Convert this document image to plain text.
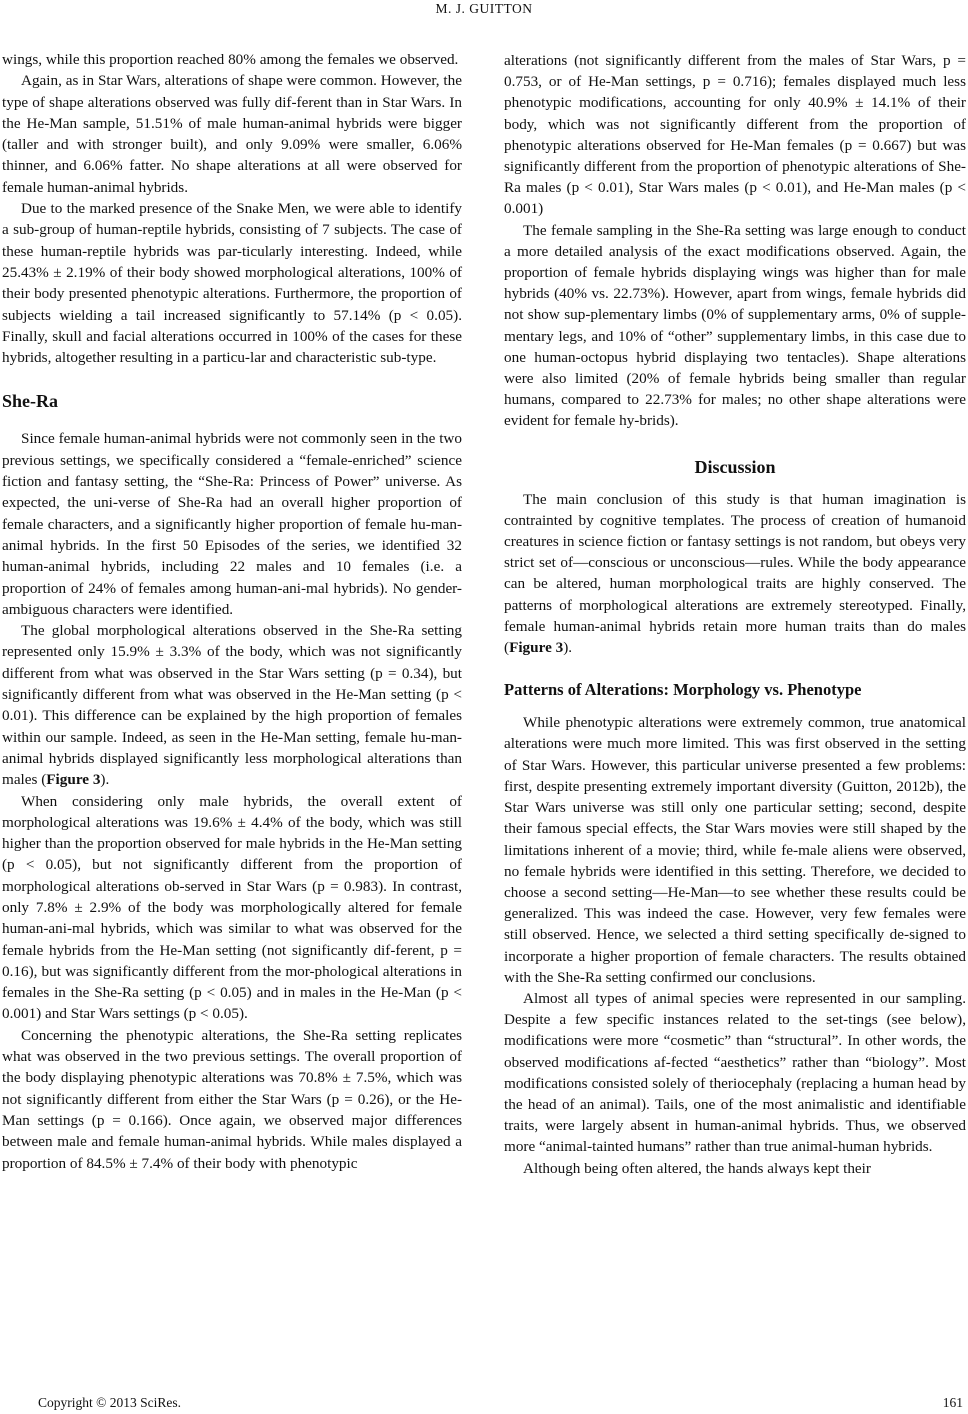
M. J. GUITTON

wings, while this proportion reached 80% among the females we observed.

Again, as in Star Wars, alterations of shape were common. However, the type of shape alterations observed was fully dif-ferent than in Star Wars. In the He-Man sample, 51.51% of male human-animal hybrids were bigger (taller and with stronger built), and only 9.09% were smaller, 6.06% thinner, and 6.06% fatter. No shape alterations at all were observed for female human-animal hybrids.

Due to the marked presence of the Snake Men, we were able to identify a sub-group of human-reptile hybrids, consisting of 7 subjects. The case of these human-reptile hybrids was par-ticularly interesting. Indeed, while 25.43% ± 2.19% of their body showed morphological alterations, 100% of their body presented phenotypic alterations. Furthermore, the proportion of subjects wielding a tail increased significantly to 57.14% (p < 0.05). Finally, skull and facial alterations occurred in 100% of the cases for these hybrids, altogether resulting in a particu-lar and characteristic sub-type.

She-Ra

Since female human-animal hybrids were not commonly seen in the two previous settings, we specifically considered a “female-enriched” science fiction and fantasy setting, the “She-Ra: Princess of Power” universe. As expected, the uni-verse of She-Ra had an overall higher proportion of female characters, and a significantly higher proportion of female hu-man-animal hybrids. In the first 50 Episodes of the series, we identified 32 human-animal hybrids, including 22 males and 10 females (i.e. a proportion of 24% of females among human-ani-mal hybrids). No gender-ambiguous characters were identified.

The global morphological alterations observed in the She-Ra setting represented only 15.9% ± 3.3% of the body, which was not significantly different from what was observed in the Star Wars setting (p = 0.34), but significantly different from what was observed in the He-Man setting (p < 0.01). This difference can be explained by the high proportion of females within our sample. Indeed, as seen in the He-Man setting, female hu-man-animal hybrids displayed significantly less morphological alterations than males (Figure 3).

When considering only male hybrids, the overall extent of morphological alterations was 19.6% ± 4.4% of the body, which was still higher than the proportion observed for male hybrids in the He-Man setting (p < 0.05), but not significantly different from the proportion of morphological alterations ob-served in Star Wars (p = 0.983). In contrast, only 7.8% ± 2.9% of the body was morphologically altered for female human-ani-mal hybrids, which was similar to what was observed for the female hybrids from the He-Man setting (not significantly dif-ferent, p = 0.16), but was significantly different from the mor-phological alterations in females in the She-Ra setting (p < 0.05) and in males in the He-Man (p < 0.001) and Star Wars settings (p < 0.05).

Concerning the phenotypic alterations, the She-Ra setting replicates what was observed in the two previous settings. The overall proportion of the body displaying phenotypic alterations was 70.8% ± 7.5%, which was not significantly different from either the Star Wars (p = 0.26), or the He-Man settings (p = 0.166). Once again, we observed major differences between male and female human-animal hybrids. While males displayed a proportion of 84.5% ± 7.4% of their body with phenotypic

alterations (not significantly different from the males of Star Wars, p = 0.753, or of He-Man settings, p = 0.716); females displayed much less phenotypic modifications, accounting for only 40.9% ± 14.1% of their body, which was not significantly different from the proportion of phenotypic alterations observed for He-Man females (p = 0.667) but was significantly different from the proportion of phenotypic alterations of She-Ra males (p < 0.01), Star Wars males (p < 0.01), and He-Man males (p < 0.001)

The female sampling in the She-Ra setting was large enough to conduct a more detailed analysis of the exact modifications observed. Again, the proportion of female hybrids displaying wings was higher than for male hybrids (40% vs. 22.73%). However, apart from wings, female hybrids did not show sup-plementary limbs (0% of supplementary arms, 0% of supple-mentary legs, and 10% of “other” supplementary limbs, in this case due to one human-octopus hybrid displaying two tentacles). Shape alterations were also limited (20% of female hybrids being smaller than regular humans, compared to 22.73% for males; no other shape alterations were evident for female hy-brids).

Discussion

The main conclusion of this study is that human imagination is contrainted by cognitive templates. The process of creation of humanoid creatures in science fiction or fantasy settings is not random, but obeys very strict set of—conscious or unconscious—rules. While the body appearance can be altered, human morphological traits are highly conserved. The patterns of morphological alterations are extremely stereotyped. Finally, female human-animal hybrids retain more human traits than do males (Figure 3).

Patterns of Alterations: Morphology vs. Phenotype

While phenotypic alterations were extremely common, true anatomical alterations were much more limited. This was first observed in the setting of Star Wars. However, this particular universe presented a few problems: first, despite presenting extremely important diversity (Guitton, 2012b), the Star Wars universe was still only one particular setting; second, despite their famous special effects, the Star Wars movies were still shaped by the limitations inherent of a movie; third, while fe-male aliens were observed, no female hybrids were identified in this setting. Therefore, we decided to choose a second setting—He-Man—to see whether these results could be generalized. This was indeed the case. However, very few females were still observed. Hence, we selected a third setting specifically de-signed to incorporate a higher proportion of female characters. The results obtained with the She-Ra setting confirmed our conclusions.

Almost all types of animal species were represented in our sampling. Despite a few specific instances related to the set-tings (see below), modifications were more “cosmetic” than “structural”. In other words, the observed modifications af-fected “aesthetics” rather than “biology”. Most modifications consisted solely of theriocephaly (replacing a human head by the head of an animal). Tails, one of the most animalistic and identifiable traits, were largely absent in human-animal hybrids. Thus, we observed more “animal-tainted humans” rather than true animal-human hybrids.

Although being often altered, the hands always kept their

Copyright © 2013 SciRes.	161
